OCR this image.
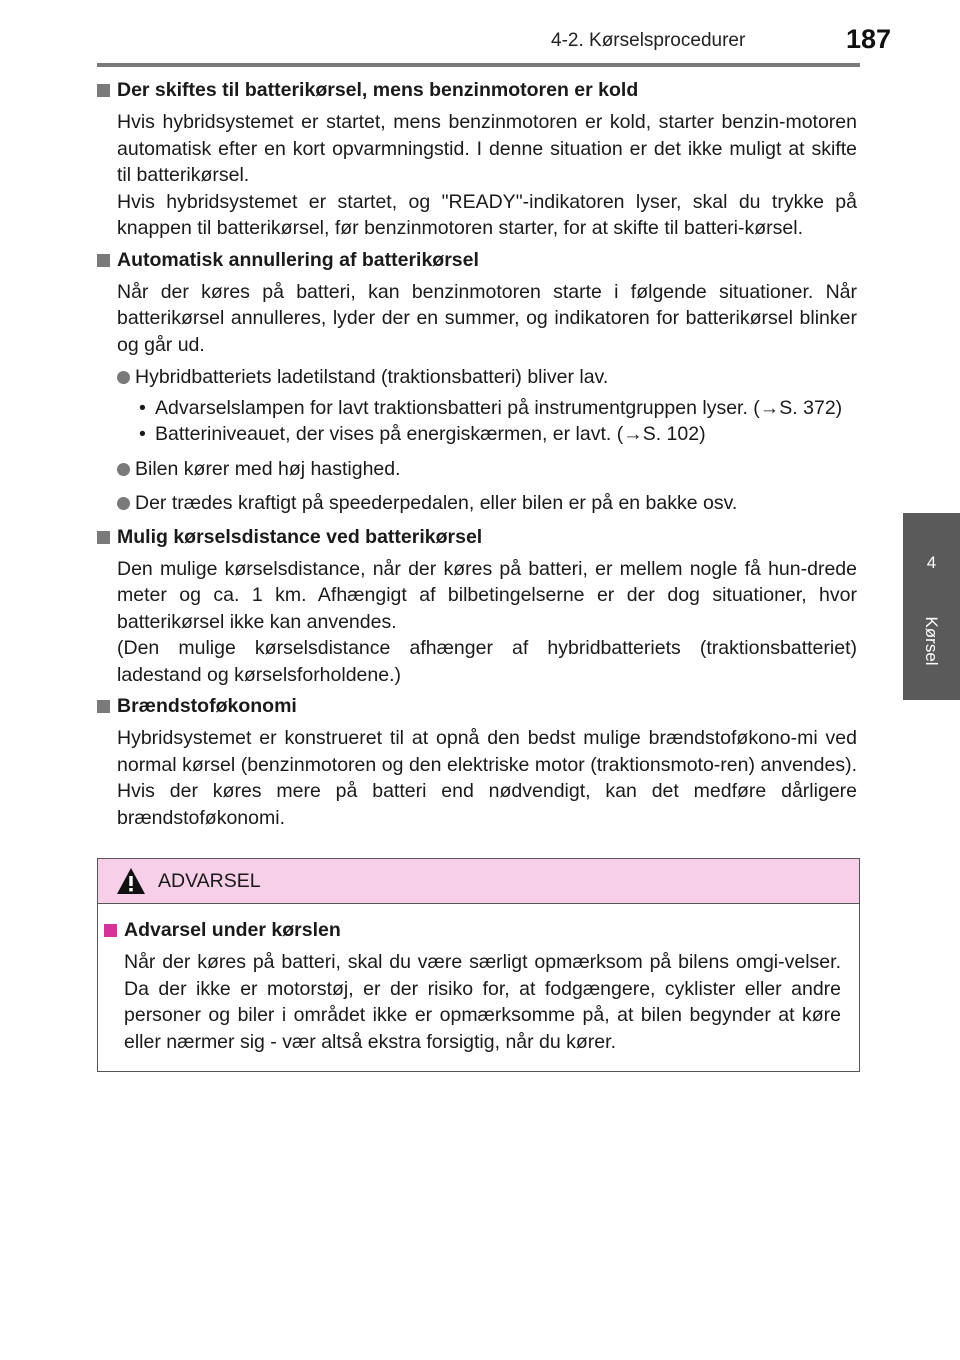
4-2. Kørselsprocedurer	187
4
Kørsel
Der skiftes til batterikørsel, mens benzinmotoren er kold

Hvis hybridsystemet er startet, mens benzinmotoren er kold, starter benzin-motoren automatisk efter en kort opvarmningstid. I denne situation er det ikke muligt at skifte til batterikørsel.

Hvis hybridsystemet er startet, og "READY"-indikatoren lyser, skal du trykke på knappen til batterikørsel, før benzinmotoren starter, for at skifte til batteri-kørsel.

Automatisk annullering af batterikørsel

Når der køres på batteri, kan benzinmotoren starte i følgende situationer. Når batterikørsel annulleres, lyder der en summer, og indikatoren for batterikørsel blinker og går ud.

Hybridbatteriets ladetilstand (traktionsbatteri) bliver lav.
• Advarselslampen for lavt traktionsbatteri på instrumentgruppen lyser. (→S. 372)
• Batteriniveauet, der vises på energiskærmen, er lavt. (→S. 102)
Bilen kører med høj hastighed.
Der trædes kraftigt på speederpedalen, eller bilen er på en bakke osv.
Mulig kørselsdistance ved batterikørsel

Den mulige kørselsdistance, når der køres på batteri, er mellem nogle få hun-drede meter og ca. 1 km. Afhængigt af bilbetingelserne er der dog situationer, hvor batterikørsel ikke kan anvendes.

(Den mulige kørselsdistance afhænger af hybridbatteriets (traktionsbatteriet) ladestand og kørselsforholdene.)

Brændstoføkonomi

Hybridsystemet er konstrueret til at opnå den bedst mulige brændstoføkono-mi ved normal kørsel (benzinmotoren og den elektriske motor (traktionsmoto-ren) anvendes). Hvis der køres mere på batteri end nødvendigt, kan det medføre dårligere brændstoføkonomi.

ADVARSEL
Advarsel under kørslen

Når der køres på batteri, skal du være særligt opmærksom på bilens omgi-velser. Da der ikke er motorstøj, er der risiko for, at fodgængere, cyklister eller andre personer og biler i området ikke er opmærksomme på, at bilen begynder at køre eller nærmer sig - vær altså ekstra forsigtig, når du kører.
